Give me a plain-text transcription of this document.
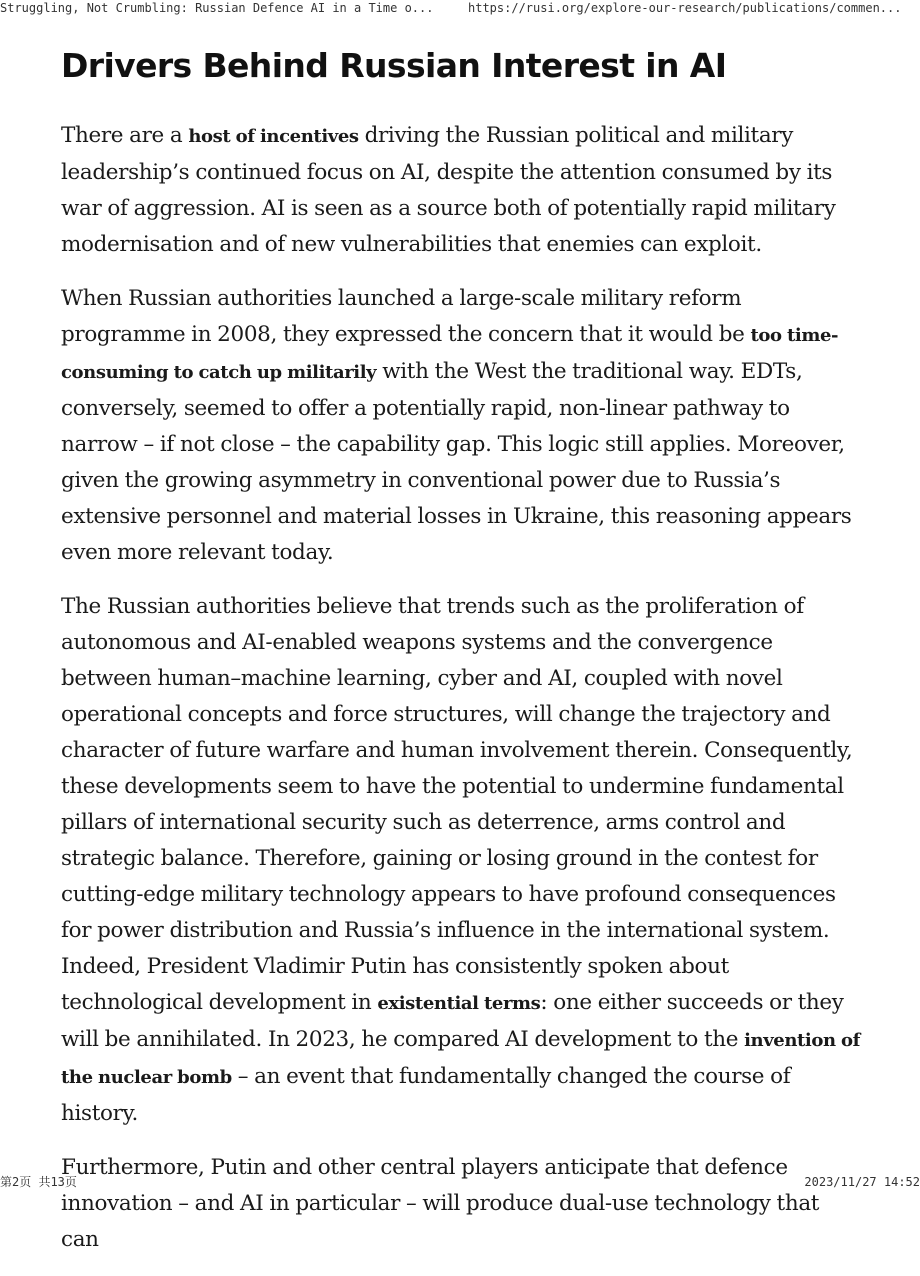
Struggling, Not Crumbling: Russian Defence AI in a Time o...	https://rusi.org/explore-our-research/publications/commen...
Drivers Behind Russian Interest in AI

There are a host of incentives driving the Russian political and military leadership’s continued focus on AI, despite the attention consumed by its war of aggression. AI is seen as a source both of potentially rapid military modernisation and of new vulnerabilities that enemies can exploit.

When Russian authorities launched a large-scale military reform programme in 2008, they expressed the concern that it would be too time-consuming to catch up militarily with the West the traditional way. EDTs, conversely, seemed to offer a potentially rapid, non-linear pathway to narrow – if not close – the capability gap. This logic still applies. Moreover, given the growing asymmetry in conventional power due to Russia’s extensive personnel and material losses in Ukraine, this reasoning appears even more relevant today.

The Russian authorities believe that trends such as the proliferation of autonomous and AI-enabled weapons systems and the convergence between human–machine learning, cyber and AI, coupled with novel operational concepts and force structures, will change the trajectory and character of future warfare and human involvement therein. Consequently, these developments seem to have the potential to undermine fundamental pillars of international security such as deterrence, arms control and strategic balance. Therefore, gaining or losing ground in the contest for cutting-edge military technology appears to have profound consequences for power distribution and Russia’s influence in the international system. Indeed, President Vladimir Putin has consistently spoken about technological development in existential terms: one either succeeds or they will be annihilated. In 2023, he compared AI development to the invention of the nuclear bomb – an event that fundamentally changed the course of history.

Furthermore, Putin and other central players anticipate that defence innovation – and AI in particular – will produce dual-use technology that can

第2页 共13页	2023/11/27 14:52
